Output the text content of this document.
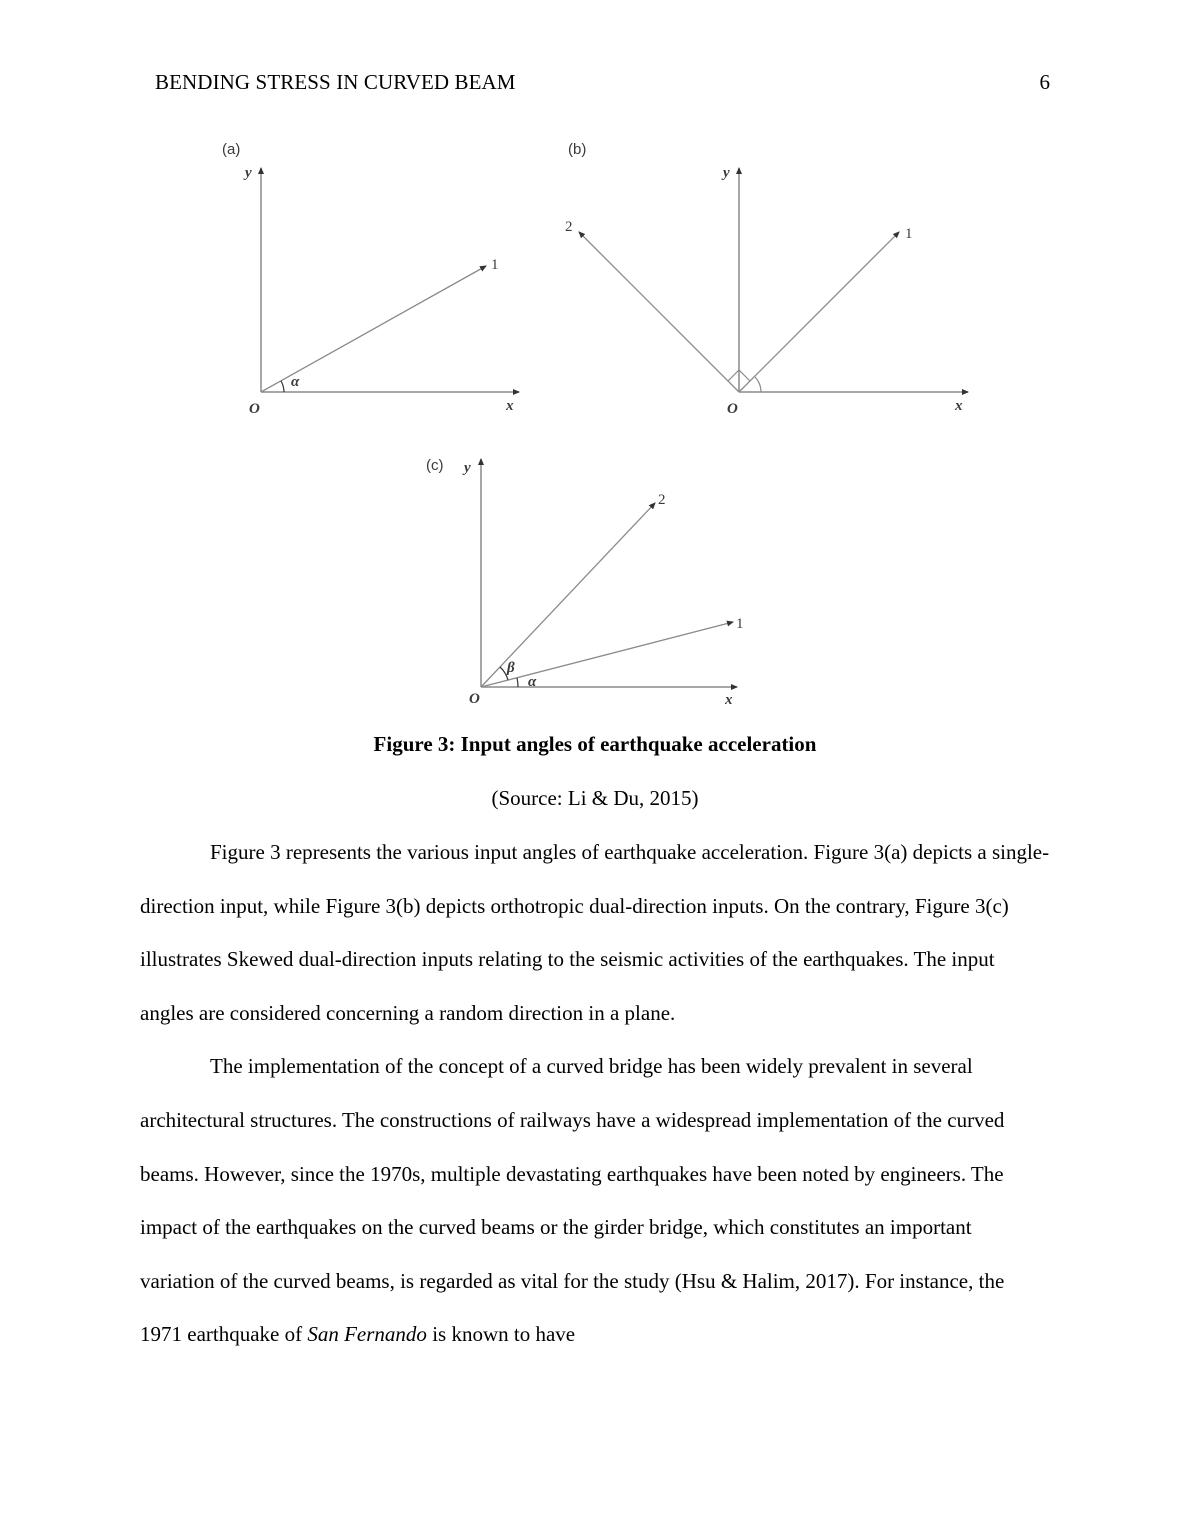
BENDING STRESS IN CURVED BEAM	6
(a)
y
x
O
1
α
(b)
y
x
O
1
2
(c) y
x
O
1
2
α
β
Figure 3: Input angles of earthquake acceleration
(Source: Li & Du, 2015)

Figure 3 represents the various input angles of earthquake acceleration. Figure 3(a) depicts a single-direction input, while Figure 3(b) depicts orthotropic dual-direction inputs. On the contrary, Figure 3(c) illustrates Skewed dual-direction inputs relating to the seismic activities of the earthquakes. The input angles are considered concerning a random direction in a plane.

The implementation of the concept of a curved bridge has been widely prevalent in several architectural structures. The constructions of railways have a widespread implementation of the curved beams. However, since the 1970s, multiple devastating earthquakes have been noted by engineers. The impact of the earthquakes on the curved beams or the girder bridge, which constitutes an important variation of the curved beams, is regarded as vital for the study (Hsu & Halim, 2017). For instance, the 1971 earthquake of San Fernando is known to have
